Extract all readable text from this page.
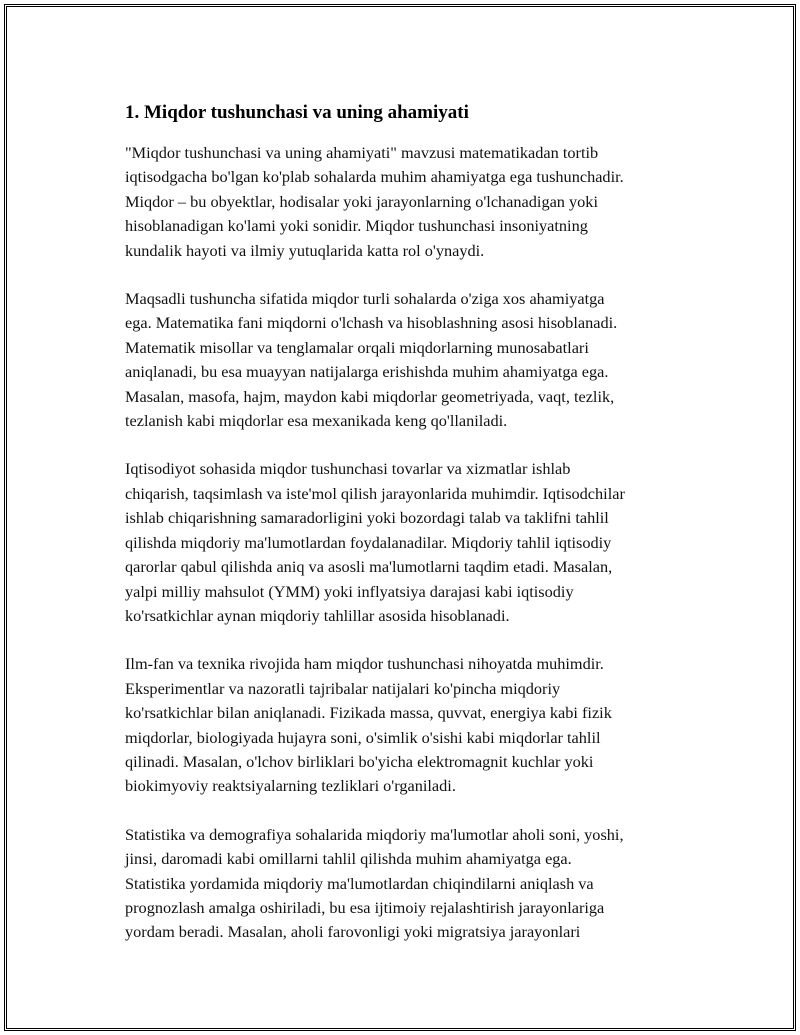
1. Miqdor tushunchasi va uning ahamiyati
"Miqdor tushunchasi va uning ahamiyati" mavzusi matematikadan tortib
iqtisodgacha bo'lgan ko'plab sohalarda muhim ahamiyatga ega tushunchadir.
Miqdor – bu obyektlar, hodisalar yoki jarayonlarning o'lchanadigan yoki
hisoblanadigan ko'lami yoki sonidir. Miqdor tushunchasi insoniyatning
kundalik hayoti va ilmiy yutuqlarida katta rol o'ynaydi.
Maqsadli tushuncha sifatida miqdor turli sohalarda o'ziga xos ahamiyatga
ega. Matematika fani miqdorni o'lchash va hisoblashning asosi hisoblanadi.
Matematik misollar va tenglamalar orqali miqdorlarning munosabatlari
aniqlanadi, bu esa muayyan natijalarga erishishda muhim ahamiyatga ega.
Masalan, masofa, hajm, maydon kabi miqdorlar geometriyada, vaqt, tezlik,
tezlanish kabi miqdorlar esa mexanikada keng qo'llaniladi.
Iqtisodiyot sohasida miqdor tushunchasi tovarlar va xizmatlar ishlab
chiqarish, taqsimlash va iste'mol qilish jarayonlarida muhimdir. Iqtisodchilar
ishlab chiqarishning samaradorligini yoki bozordagi talab va taklifni tahlil
qilishda miqdoriy ma'lumotlardan foydalanadilar. Miqdoriy tahlil iqtisodiy
qarorlar qabul qilishda aniq va asosli ma'lumotlarni taqdim etadi. Masalan,
yalpi milliy mahsulot (YMM) yoki inflyatsiya darajasi kabi iqtisodiy
ko'rsatkichlar aynan miqdoriy tahlillar asosida hisoblanadi.
Ilm-fan va texnika rivojida ham miqdor tushunchasi nihoyatda muhimdir.
Eksperimentlar va nazoratli tajribalar natijalari ko'pincha miqdoriy
ko'rsatkichlar bilan aniqlanadi. Fizikada massa, quvvat, energiya kabi fizik
miqdorlar, biologiyada hujayra soni, o'simlik o'sishi kabi miqdorlar tahlil
qilinadi. Masalan, o'lchov birliklari bo'yicha elektromagnit kuchlar yoki
biokimyoviy reaktsiyalarning tezliklari o'rganiladi.
Statistika va demografiya sohalarida miqdoriy ma'lumotlar aholi soni, yoshi,
jinsi, daromadi kabi omillarni tahlil qilishda muhim ahamiyatga ega.
Statistika yordamida miqdoriy ma'lumotlardan chiqindilarni aniqlash va
prognozlash amalga oshiriladi, bu esa ijtimoiy rejalashtirish jarayonlariga
yordam beradi. Masalan, aholi farovonligi yoki migratsiya jarayonlari
